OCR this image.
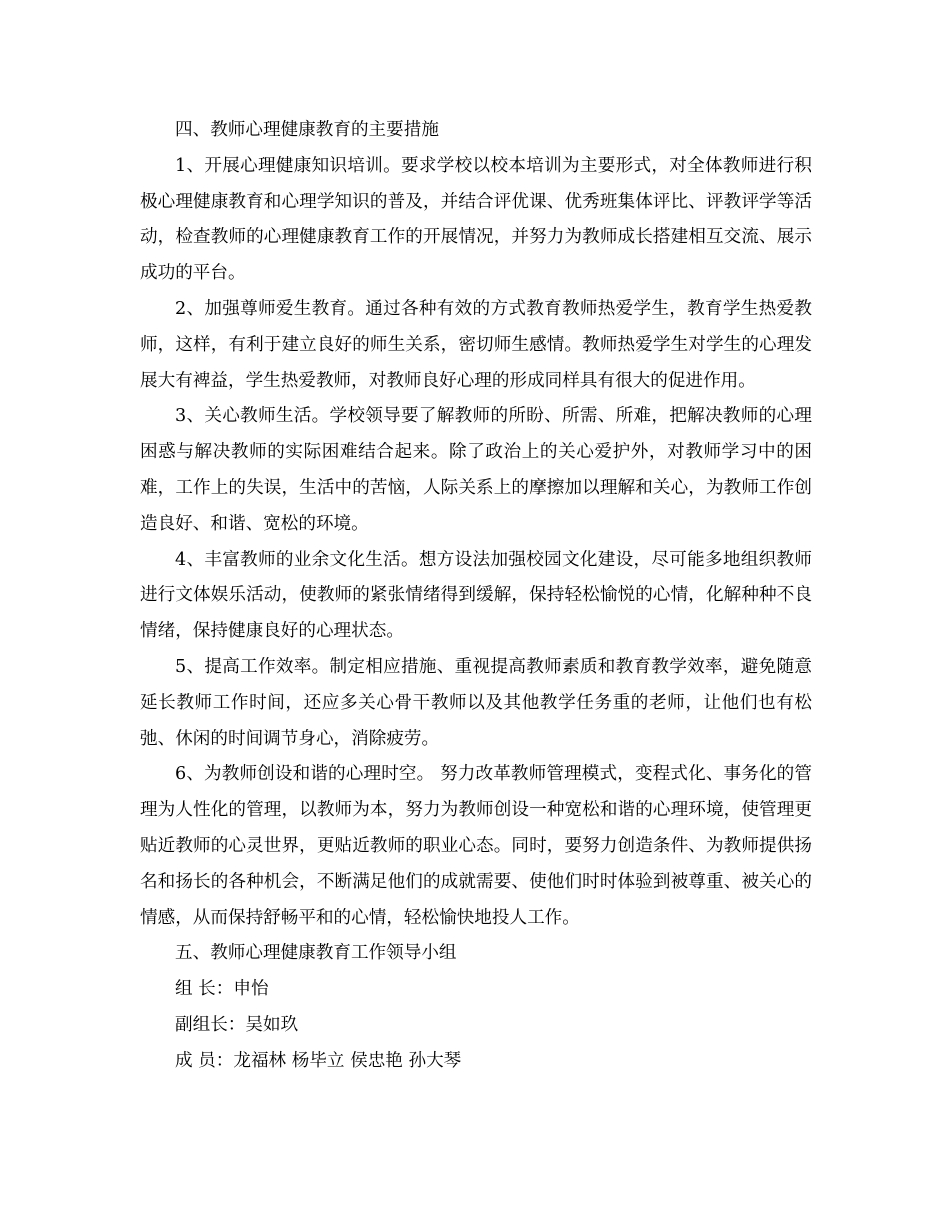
四、教师心理健康教育的主要措施

1、开展心理健康知识培训。要求学校以校本培训为主要形式，对全体教师进行积极心理健康教育和心理学知识的普及，并结合评优课、优秀班集体评比、评教评学等活动，检查教师的心理健康教育工作的开展情况，并努力为教师成长搭建相互交流、展示成功的平台。

2、加强尊师爱生教育。通过各种有效的方式教育教师热爱学生，教育学生热爱教师，这样，有利于建立良好的师生关系，密切师生感情。教师热爱学生对学生的心理发展大有裨益，学生热爱教师，对教师良好心理的形成同样具有很大的促进作用。

3、关心教师生活。学校领导要了解教师的所盼、所需、所难，把解决教师的心理困惑与解决教师的实际困难结合起来。除了政治上的关心爱护外，对教师学习中的困难，工作上的失误，生活中的苦恼，人际关系上的摩擦加以理解和关心，为教师工作创造良好、和谐、宽松的环境。

4、丰富教师的业余文化生活。想方设法加强校园文化建设，尽可能多地组织教师进行文体娱乐活动，使教师的紧张情绪得到缓解，保持轻松愉悦的心情，化解种种不良情绪，保持健康良好的心理状态。

5、提高工作效率。制定相应措施、重视提高教师素质和教育教学效率，避免随意延长教师工作时间，还应多关心骨干教师以及其他教学任务重的老师，让他们也有松弛、休闲的时间调节身心，消除疲劳。

6、为教师创设和谐的心理时空。 努力改革教师管理模式，变程式化、事务化的管理为人性化的管理，以教师为本，努力为教师创设一种宽松和谐的心理环境，使管理更贴近教师的心灵世界，更贴近教师的职业心态。同时，要努力创造条件、为教师提供扬名和扬长的各种机会，不断满足他们的成就需要、使他们时时体验到被尊重、被关心的情感，从而保持舒畅平和的心情，轻松愉快地投人工作。

五、教师心理健康教育工作领导小组

组 长：申怡

副组长：吴如玖

成 员：龙福林 杨毕立 侯忠艳 孙大琴
